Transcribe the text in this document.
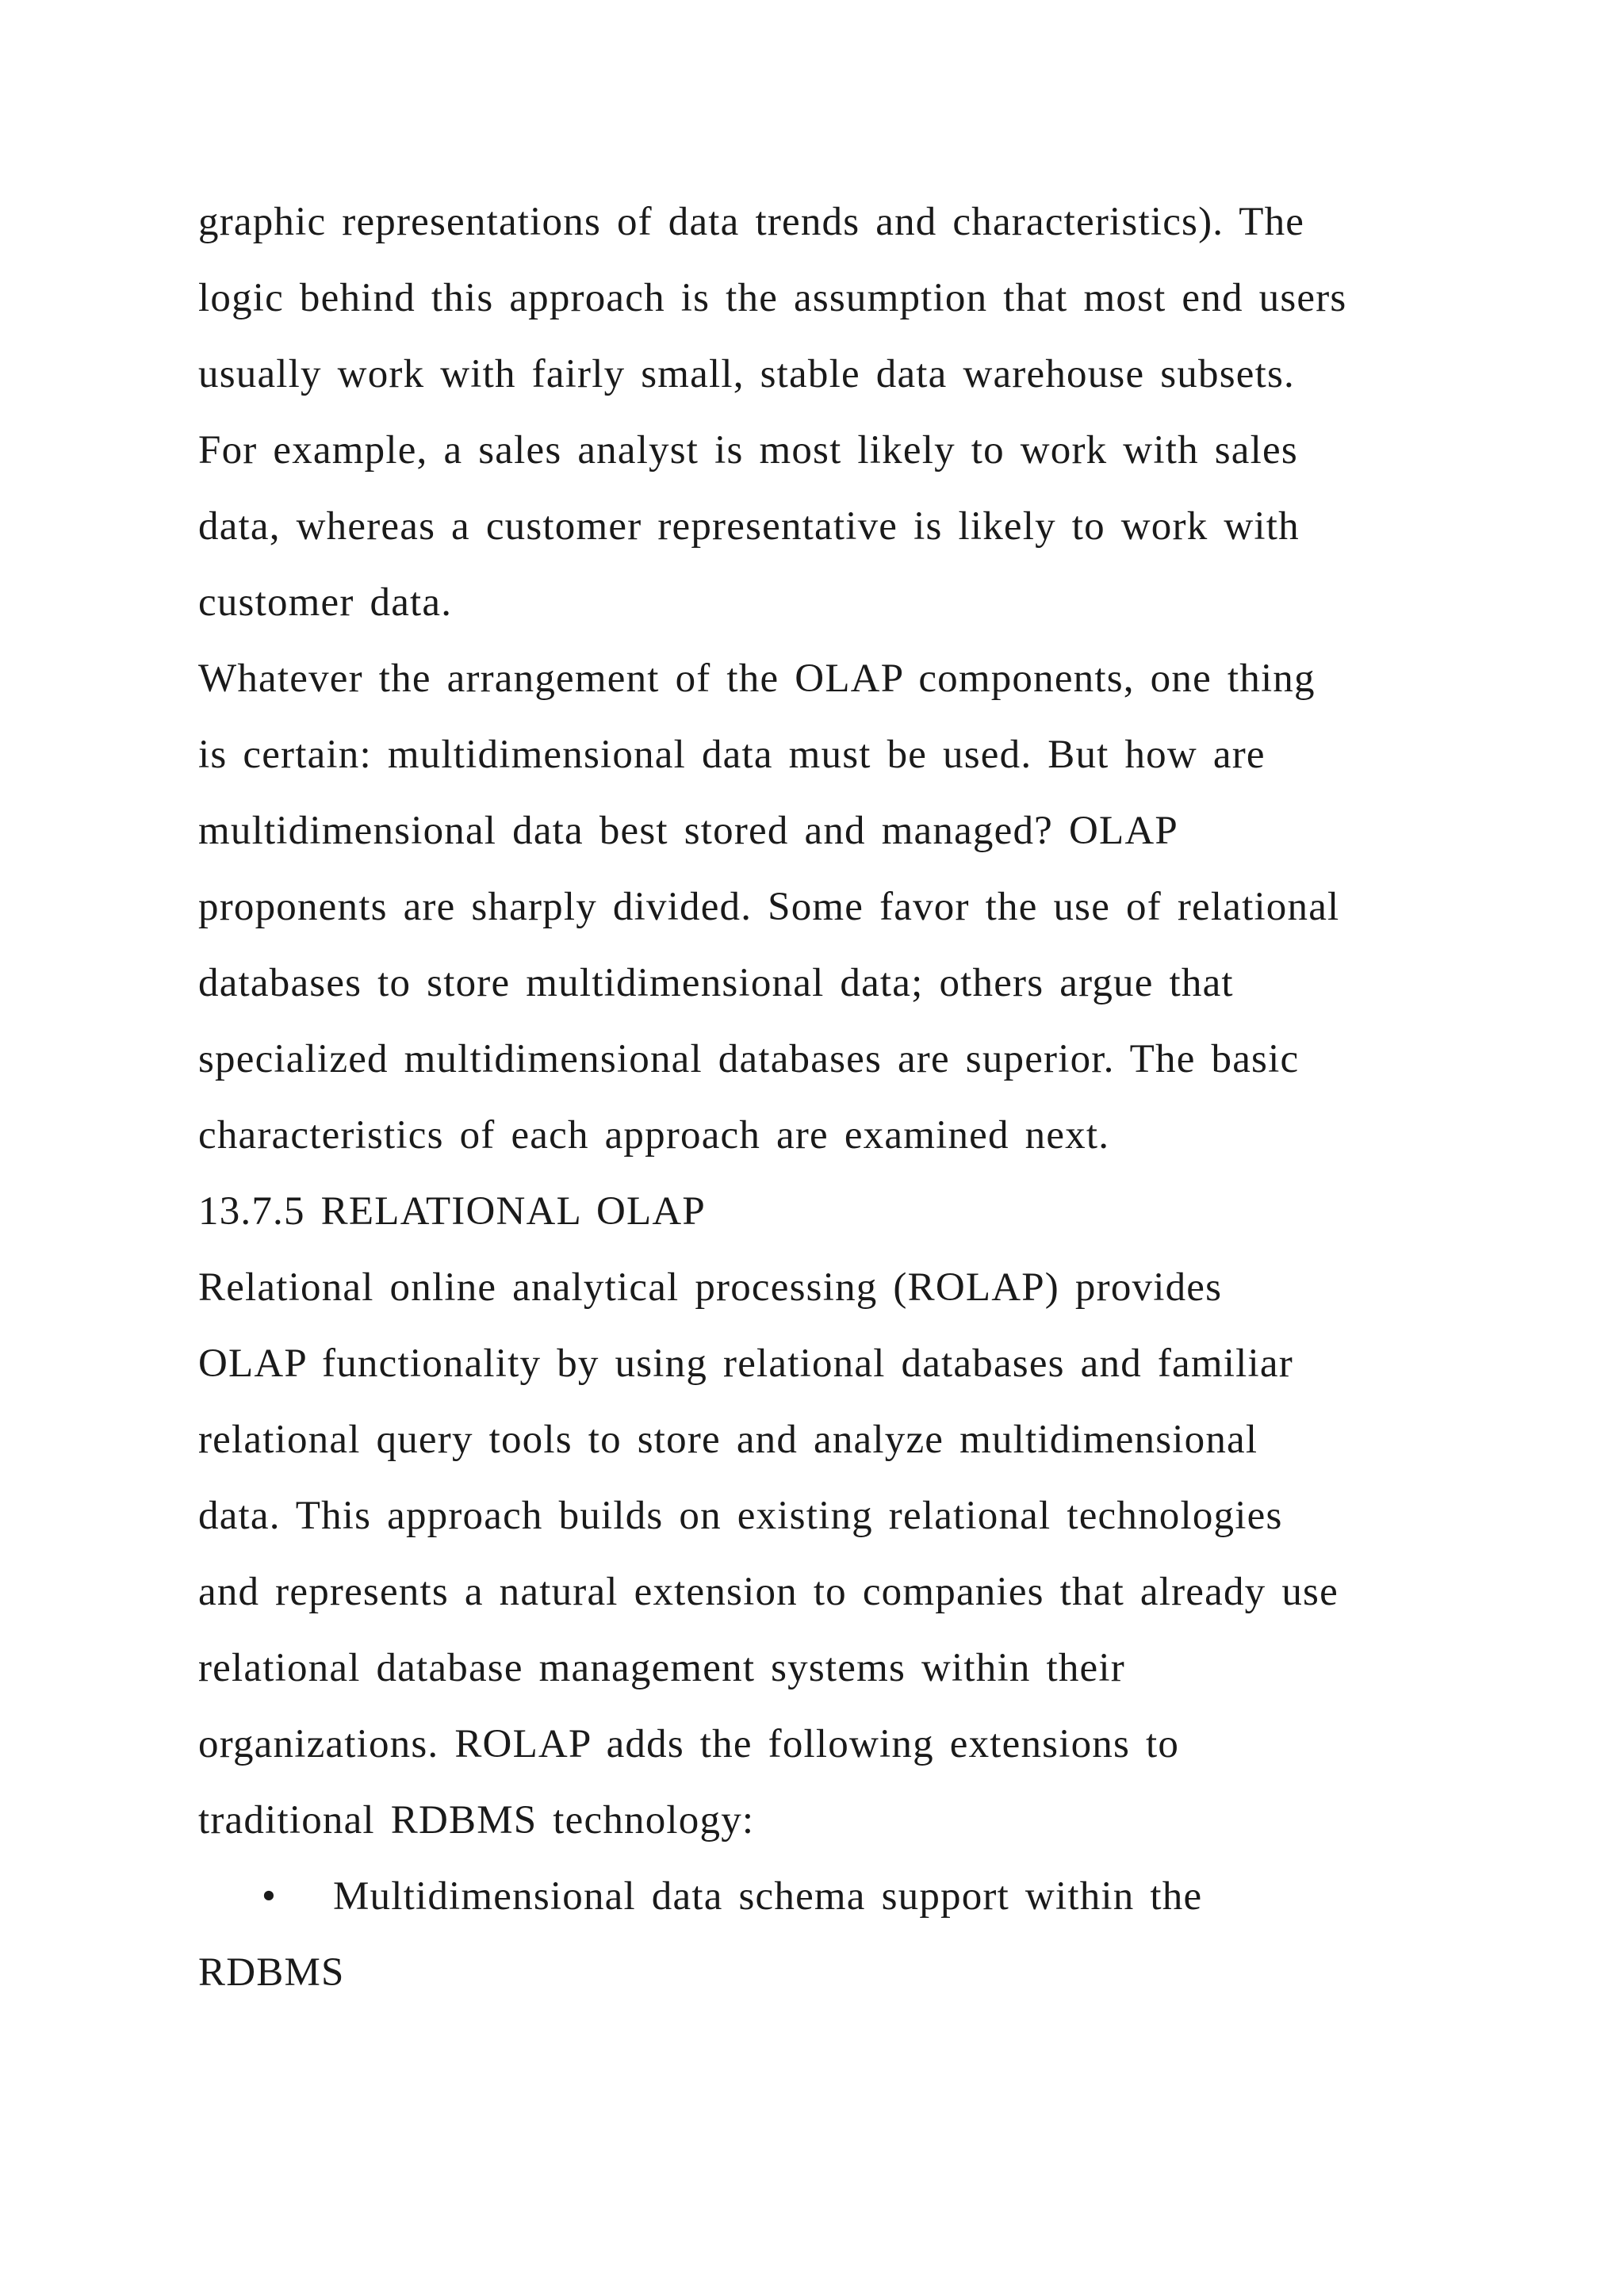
graphic representations of data trends and characteristics). The
logic behind this approach is the assumption that most end users
usually work with fairly small, stable data warehouse subsets.
For example, a sales analyst is most likely to work with sales
data, whereas a customer representative is likely to work with
customer data.
Whatever the arrangement of the OLAP components, one thing
is certain: multidimensional data must be used. But how are
multidimensional data best stored and managed? OLAP
proponents are sharply divided. Some favor the use of relational
databases to store multidimensional data; others argue that
specialized multidimensional databases are superior. The basic
characteristics of each approach are examined next.
13.7.5 RELATIONAL OLAP
Relational online analytical processing (ROLAP) provides
OLAP functionality by using relational databases and familiar
relational query tools to store and analyze multidimensional
data. This approach builds on existing relational technologies
and represents a natural extension to companies that already use
relational database management systems within their
organizations. ROLAP adds the following extensions to
traditional RDBMS technology:
• Multidimensional data schema support within the
RDBMS
